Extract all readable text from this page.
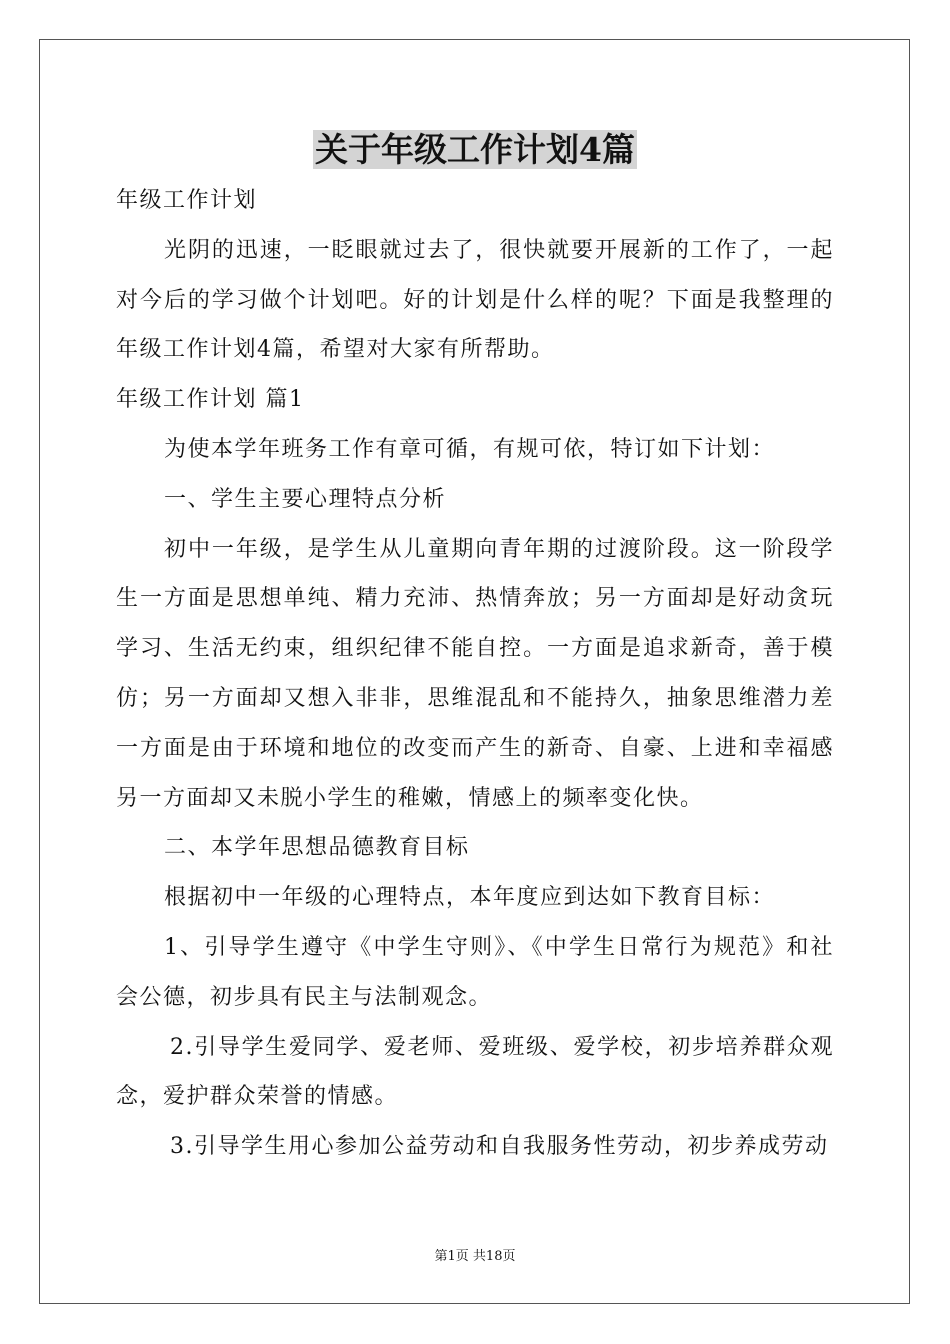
关于年级工作计划4篇

年级工作计划

光阴的迅速，一眨眼就过去了，很快就要开展新的工作了，一起对今后的学习做个计划吧。好的计划是什么样的呢？下面是我整理的年级工作计划4篇，希望对大家有所帮助。

年级工作计划 篇1

为使本学年班务工作有章可循，有规可依，特订如下计划：

一、学生主要心理特点分析

初中一年级，是学生从儿童期向青年期的过渡阶段。这一阶段学生一方面是思想单纯、精力充沛、热情奔放；另一方面却是好动贪玩学习、生活无约束，组织纪律不能自控。一方面是追求新奇，善于模仿；另一方面却又想入非非，思维混乱和不能持久，抽象思维潜力差一方面是由于环境和地位的改变而产生的新奇、自豪、上进和幸福感另一方面却又未脱小学生的稚嫩，情感上的频率变化快。

二、本学年思想品德教育目标

根据初中一年级的心理特点，本年度应到达如下教育目标：

1、引导学生遵守《中学生守则》、《中学生日常行为规范》和社会公德，初步具有民主与法制观念。

2.引导学生爱同学、爱老师、爱班级、爱学校，初步培养群众观念，爱护群众荣誉的情感。

3.引导学生用心参加公益劳动和自我服务性劳动，初步养成劳动

第1页 共18页
